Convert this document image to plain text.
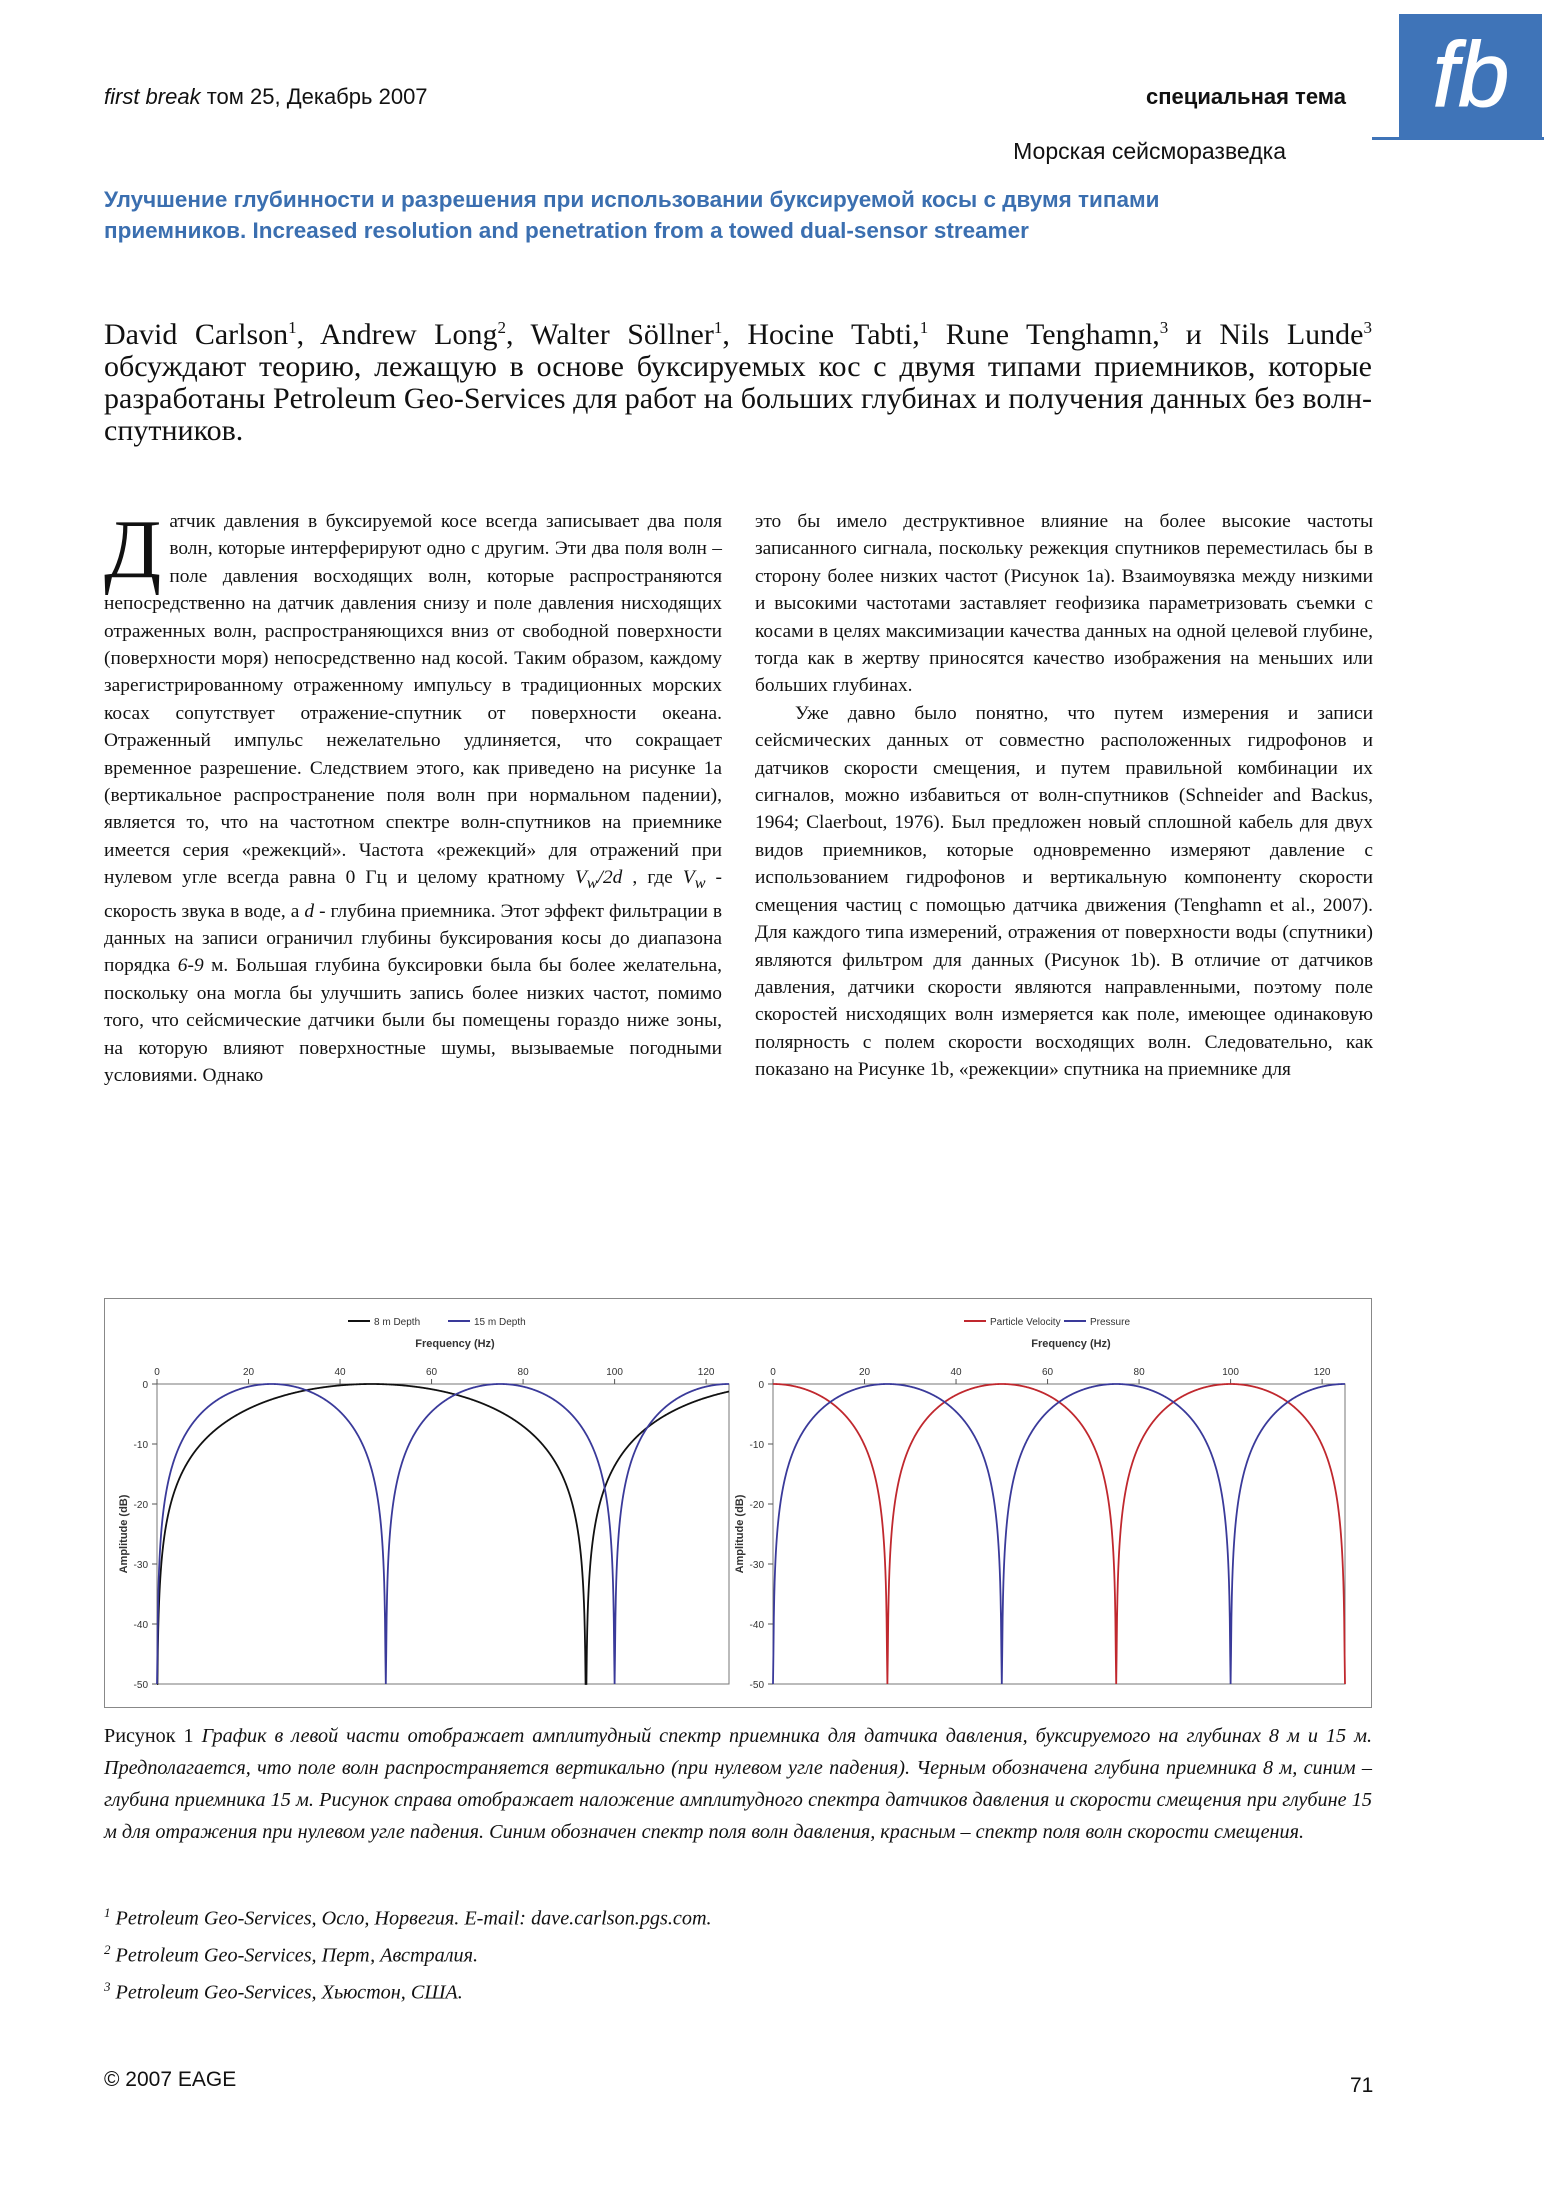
first break том 25, Декабрь 2007	специальная тема fb
Морская сейсморазведка
Улучшение глубинности и разрешения при использовании буксируемой косы с двумя типами приемников. Increased resolution and penetration from a towed dual-sensor streamer
David Carlson$^1$, Andrew Long$^2$, Walter Söllner$^1$, Hocine Tabti,$^1$ Rune Tenghamn,$^3$ и Nils Lunde$^3$ обсуждают теорию, лежащую в основе буксируемых кос с двумя типами приемников, которые разработаны Petroleum Geo-Services для работ на больших глубинах и получения данных без волн-спутников.

Датчик давления в буксируемой косе всегда записывает два поля волн, которые интерферируют одно с другим. Эти два поля волн – поле давления восходящих волн, которые распространяются непосредственно на датчик давления снизу и поле давления нисходящих отраженных волн, распространяющихся вниз от свободной поверхности (поверхности моря) непосредственно над косой. Таким образом, каждому зарегистрированному отраженному импульсу в традиционных морских косах сопутствует отражение-спутник от поверхности океана. Отраженный импульс нежелательно удлиняется, что сокращает временное разрешение. Следствием этого, как приведено на рисунке 1a (вертикальное распространение поля волн при нормальном падении), является то, что на частотном спектре волн-спутников на приемнике имеется серия «режекций». Частота «режекций» для отражений при нулевом угле всегда равна 0 Гц и целому кратному $V_w/2d$ , где $V_w$ - скорость звука в воде, а d - глубина приемника. Этот эффект фильтрации в данных на записи ограничил глубины буксирования косы до диапазона порядка 6-9 м. Большая глубина буксировки была бы более желательна, поскольку она могла бы улучшить запись более низких частот, помимо того, что сейсмические датчики были бы помещены гораздо ниже зоны, на которую влияют поверхностные шумы, вызываемые погодными условиями. Однако

это бы имело деструктивное влияние на более высокие частоты записанного сигнала, поскольку режекция спутников переместилась бы в сторону более низких частот (Рисунок 1a). Взаимоувязка между низкими и высокими частотами заставляет геофизика параметризовать съемки с косами в целях максимизации качества данных на одной целевой глубине, тогда как в жертву приносятся качество изображения на меньших или больших глубинах.

Уже давно было понятно, что путем измерения и записи сейсмических данных от совместно расположенных гидрофонов и датчиков скорости смещения, и путем правильной комбинации их сигналов, можно избавиться от волн-спутников (Schneider and Backus, 1964; Claerbout, 1976). Был предложен новый сплошной кабель для двух видов приемников, которые одновременно измеряют давление с использованием гидрофонов и вертикальную компоненту скорости смещения частиц с помощью датчика движения (Tenghamn et al., 2007). Для каждого типа измерений, отражения от поверхности воды (спутники) являются фильтром для данных (Рисунок 1b). В отличие от датчиков давления, датчики скорости являются направленными, поэтому поле скоростей нисходящих волн измеряется как поле, имеющее одинаковую полярность с полем скорости восходящих волн. Следовательно, как показано на Рисунке 1b, «режекции» спутника на приемнике для

8 m Depth	15 m Depth
Frequency (Hz)
0	20	40	60	80	100	120
0
-10
-20
-30
-40
-50
Amplitude (dB)
Particle Velocity	Pressure
Frequency (Hz)
0	20	40	60	80	100	120
0
-10
-20
-30
-40
-50
Amplitude (dB)
Рисунок 1 График в левой части отображает амплитудный спектр приемника для датчика давления, буксируемого на глубинах 8 м и 15 м. Предполагается, что поле волн распространяется вертикально (при нулевом угле падения). Черным обозначена глубина приемника 8 м, синим – глубина приемника 15 м. Рисунок справа отображает наложение амплитудного спектра датчиков давления и скорости смещения при глубине 15 м для отражения при нулевом угле падения. Синим обозначен спектр поля волн давления, красным – спектр поля волн скорости смещения.
$^1$ Petroleum Geo-Services, Осло, Норвегия. E-mail: dave.carlson.pgs.com.
$^2$ Petroleum Geo-Services, Перт, Австралия.
$^3$ Petroleum Geo-Services, Хьюстон, США.
© 2007 EAGE	71
